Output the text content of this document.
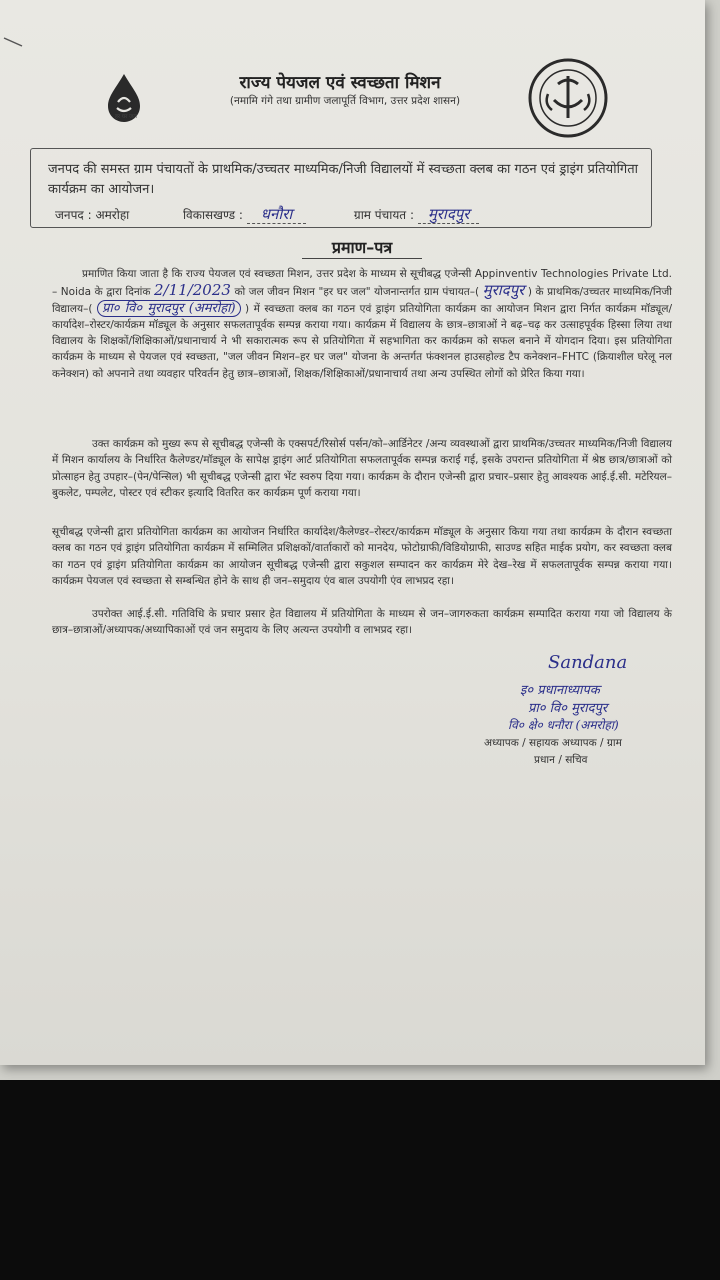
हर घर जल
राज्य पेयजल एवं स्वच्छता मिशन
(नमामि गंगे तथा ग्रामीण जलापूर्ति विभाग, उत्तर प्रदेश शासन)
जनपद की समस्त ग्राम पंचायतों के प्राथमिक/उच्चतर माध्यमिक/निजी विद्यालयों में स्वच्छता क्लब का गठन एवं ड्राइंग प्रतियोगिता कार्यक्रम का आयोजन।
जनपद : अमरोहा	विकासखण्ड : धनौरा	ग्राम पंचायत : मुरादपुर
प्रमाण–पत्र
प्रमाणित किया जाता है कि राज्य पेयजल एवं स्वच्छता मिशन, उत्तर प्रदेश के माध्यम से सूचीबद्ध एजेन्सी Appinventiv Technologies Private Ltd. – Noida के द्वारा दिनांक 2/11/2023 को जल जीवन मिशन "हर घर जल" योजनान्तर्गत ग्राम पंचायत–( मुरादपुर ) के प्राथमिक/उच्चतर माध्यमिक/निजी विद्यालय–( प्रा० वि० मुरादपुर (अमरोहा) ) में स्वच्छता क्लब का गठन एवं ड्राइंग प्रतियोगिता कार्यक्रम का आयोजन मिशन द्वारा निर्गत कार्यक्रम मॉड्यूल/कार्यादेश–रोस्टर/कार्यक्रम मॉड्यूल के अनुसार सफलतापूर्वक सम्पन्न कराया गया। कार्यक्रम में विद्यालय के छात्र–छात्राओं ने बढ़–चढ़ कर उत्साहपूर्वक हिस्सा लिया तथा विद्यालय के शिक्षकों/शिक्षिकाओं/प्रधानाचार्य ने भी सकारात्मक रूप से प्रतियोगिता में सहभागिता कर कार्यक्रम को सफल बनाने में योगदान दिया। इस प्रतियोगिता कार्यक्रम के माध्यम से पेयजल एवं स्वच्छता, "जल जीवन मिशन–हर घर जल" योजना के अन्तर्गत फंक्शनल हाउसहोल्ड टैप कनेक्शन–FHTC (क्रियाशील घरेलू नल कनेक्शन) को अपनाने तथा व्यवहार परिवर्तन हेतु छात्र–छात्राओं, शिक्षक/शिक्षिकाओं/प्रधानाचार्य तथा अन्य उपस्थित लोगों को प्रेरित किया गया।
उक्त कार्यक्रम को मुख्य रूप से सूचीबद्ध एजेन्सी के एक्सपर्ट/रिसोर्स पर्सन/को–आर्डिनेटर /अन्य व्यवस्थाओं द्वारा प्राथमिक/उच्चतर माध्यमिक/निजी विद्यालय में मिशन कार्यालय के निर्धारित कैलेण्डर/मॉड्यूल के सापेक्ष ड्राइंग आर्ट प्रतियोगिता सफलतापूर्वक सम्पन्न कराई गई, इसके उपरान्त प्रतियोगिता में श्रेष्ठ छात्र/छात्राओं को प्रोत्साहन हेतु उपहार–(पेन/पेन्सिल) भी सूचीबद्ध एजेन्सी द्वारा भेंट स्वरुप दिया गया। कार्यक्रम के दौरान एजेन्सी द्वारा प्रचार–प्रसार हेतु आवश्यक आई.ई.सी. मटेरियल–बुकलेट, पम्पलेट, पोस्टर एवं स्टीकर इत्यादि वितरित कर कार्यक्रम पूर्ण कराया गया।
सूचीबद्ध एजेन्सी द्वारा प्रतियोगिता कार्यक्रम का आयोजन निर्धारित कार्यादेश/कैलेण्डर–रोस्टर/कार्यक्रम मॉड्यूल के अनुसार किया गया तथा कार्यक्रम के दौरान स्वच्छता क्लब का गठन एवं ड्राइंग प्रतियोगिता कार्यक्रम में सम्मिलित प्रशिक्षकों/वार्ताकारों को मानदेय, फोटोग्राफी/विडियोग्राफी, साउण्ड सहित माईक प्रयोग, कर स्वच्छता क्लब का गठन एवं ड्राइंग प्रतियोगिता कार्यक्रम का आयोजन सूचीबद्ध एजेन्सी द्वारा सकुशल सम्पादन कर कार्यक्रम मेरे देख–रेख में सफलतापूर्वक सम्पन्न कराया गया। कार्यक्रम पेयजल एवं स्वच्छता से सम्बन्धित होने के साथ ही जन–समुदाय एंव बाल उपयोगी एंव लाभप्रद रहा।
उपरोक्त आई.ई.सी. गतिविधि के प्रचार प्रसार हेत विद्यालय में प्रतियोगिता के माध्यम से जन–जागरुकता कार्यक्रम सम्पादित कराया गया जो विद्यालय के छात्र–छात्राओं/अध्यापक/अध्यापिकाओं एवं जन समुदाय के लिए अत्यन्त उपयोगी व लाभप्रद रहा।
Sandana
इ० प्रधानाध्यापक
प्रा० वि० मुरादपुर
वि० क्षे० धनौरा (अमरोहा)
अध्यापक / सहायक अध्यापक / ग्राम
प्रधान / सचिव
